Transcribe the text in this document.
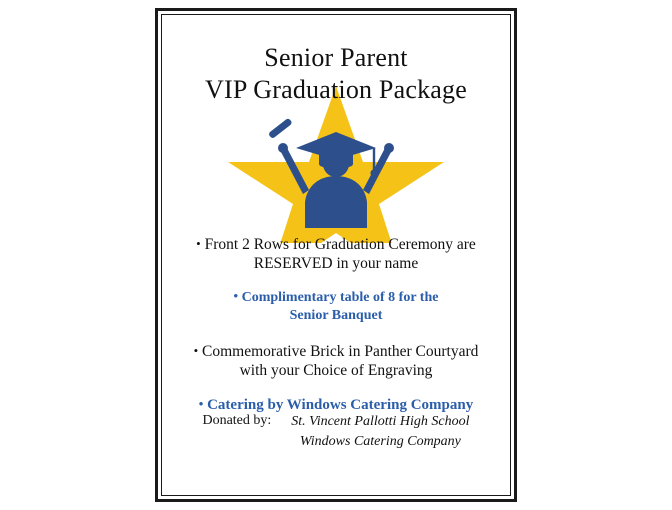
Senior Parent
VIP Graduation Package
• Front 2 Rows for Graduation Ceremony are
RESERVED in your name
• Complimentary table of 8 for the
Senior Banquet
• Commemorative Brick in Panther Courtyard
with your Choice of Engraving
• Catering by Windows Catering Company
Donated by: St. Vincent Pallotti High School
Windows Catering Company
